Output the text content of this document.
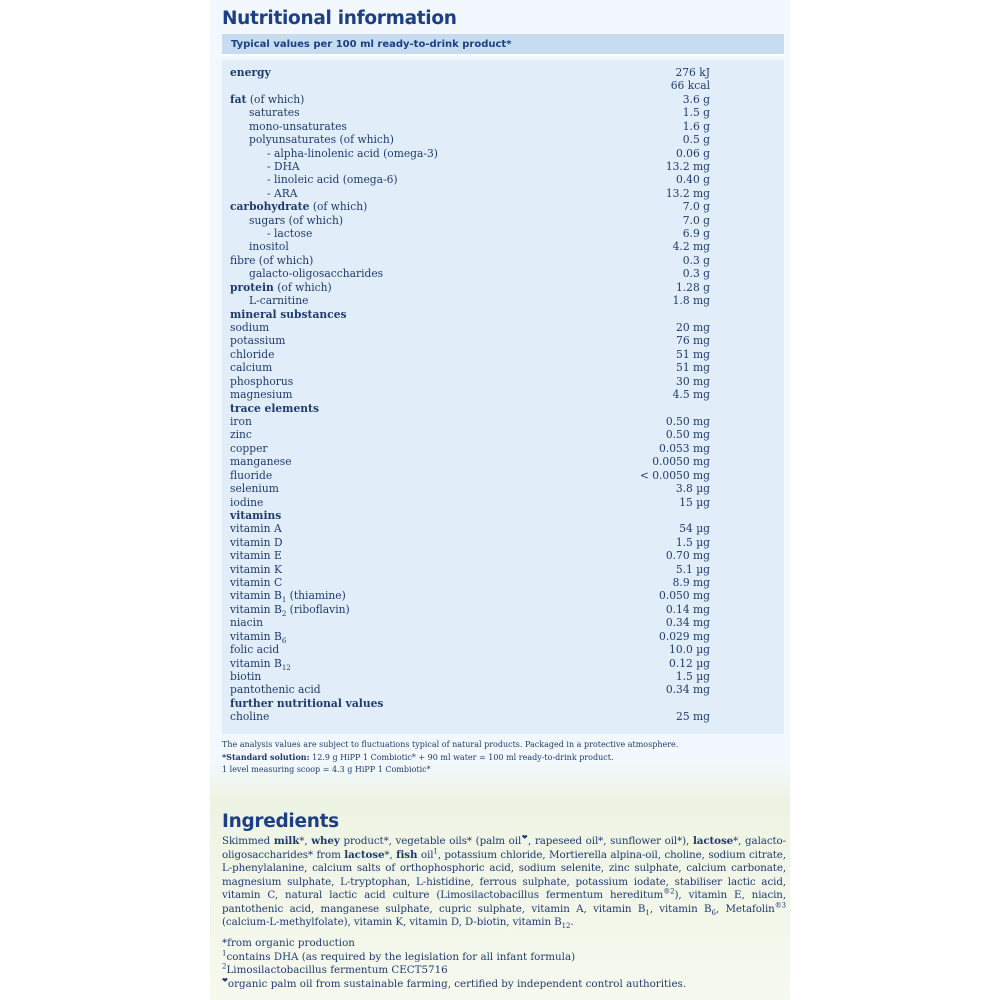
Nutritional information
Typical values per 100 ml ready-to-drink product*
energy	276 kJ
66 kcal
fat (of which)	3.6 g
saturates	1.5 g
mono-unsaturates	1.6 g
polyunsaturates (of which)	0.5 g
- alpha-linolenic acid (omega-3)	0.06 g
- DHA	13.2 mg
- linoleic acid (omega-6)	0.40 g
- ARA	13.2 mg
carbohydrate (of which)	7.0 g
sugars (of which)	7.0 g
- lactose	6.9 g
inositol	4.2 mg
fibre (of which)	0.3 g
galacto-oligosaccharides	0.3 g
protein (of which)	1.28 g
L-carnitine	1.8 mg
mineral substances
sodium	20 mg
potassium	76 mg
chloride	51 mg
calcium	51 mg
phosphorus	30 mg
magnesium	4.5 mg
trace elements
iron	0.50 mg
zinc	0.50 mg
copper	0.053 mg
manganese	0.0050 mg
fluoride	< 0.0050 mg
selenium	3.8 µg
iodine	15 µg
vitamins
vitamin A	54 µg
vitamin D	1.5 µg
vitamin E	0.70 mg
vitamin K	5.1 µg
vitamin C	8.9 mg
vitamin $B_1$ (thiamine)	0.050 mg
vitamin $B_2$ (riboflavin)	0.14 mg
niacin	0.34 mg
vitamin $B_6$	0.029 mg
folic acid	10.0 µg
vitamin $B_{12}$	0.12 µg
biotin	1.5 µg
pantothenic acid	0.34 mg
further nutritional values
choline	25 mg
The analysis values are subject to fluctuations typical of natural products. Packaged in a protective atmosphere.
*Standard solution: 12.9 g HiPP 1 Combiotic* + 90 ml water = 100 ml ready-to-drink product.
1 level measuring scoop = 4.3 g HiPP 1 Combiotic*
Ingredients
Skimmed milk*, whey product*, vegetable oils* (palm oil❤, rapeseed oil*, sunflower oil*), lactose*, galacto-oligosaccharides* from lactose*, fish oil$^1$, potassium chloride, Mortierella alpina-oil, choline, sodium citrate, L-phenylalanine, calcium salts of orthophosphoric acid, sodium selenite, zinc sulphate, calcium carbonate, magnesium sulphate, L-tryptophan, L-histidine, ferrous sulphate, potassium iodate, stabiliser lactic acid, vitamin C, natural lactic acid culture (Limosilactobacillus fermentum hereditum$^{®2}$), vitamin E, niacin, pantothenic acid, manganese sulphate, cupric sulphate, vitamin A, vitamin $B_1$, vitamin $B_6$, Metafolin$^{®3}$ (calcium-L-methylfolate), vitamin K, vitamin D, D-biotin, vitamin $B_{12}$.
*from organic production
$^1$contains DHA (as required by the legislation for all infant formula)
$^2$Limosilactobacillus fermentum CECT5716
❤organic palm oil from sustainable farming, certified by independent control authorities.
